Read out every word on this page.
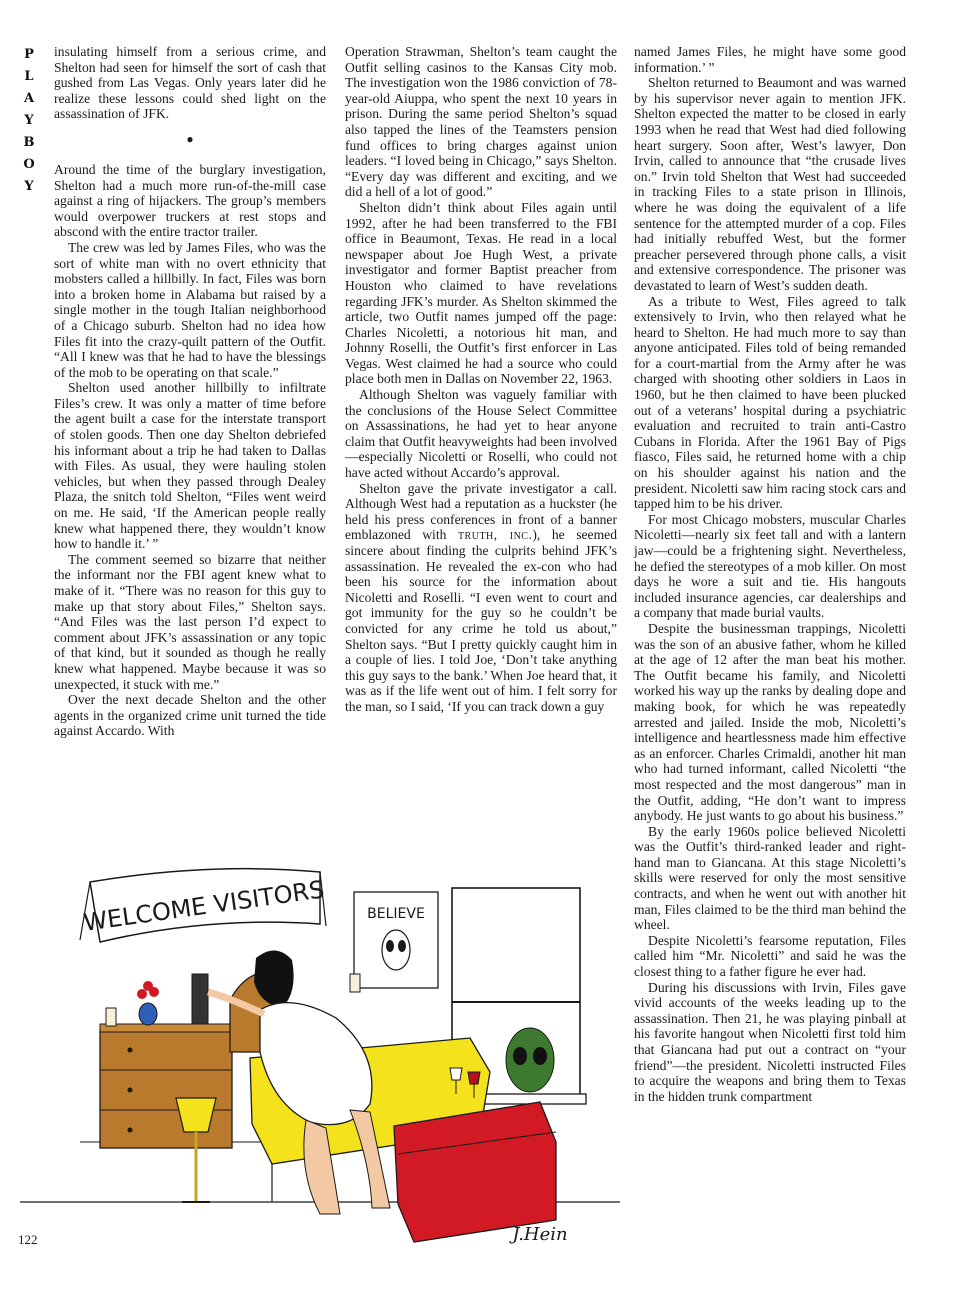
P
L
A
Y
B
O
Y

insulating himself from a serious crime, and Shelton had seen for himself the sort of cash that gushed from Las Vegas. Only years later did he realize these lessons could shed light on the assassination of JFK.

●

Around the time of the burglary investigation, Shelton had a much more run-of-the-mill case against a ring of hijackers. The group’s members would overpower truckers at rest stops and abscond with the entire tractor trailer.

The crew was led by James Files, who was the sort of white man with no overt ethnicity that mobsters called a hillbilly. In fact, Files was born into a broken home in Alabama but raised by a single mother in the tough Italian neighborhood of a Chicago suburb. Shelton had no idea how Files fit into the crazy-quilt pattern of the Outfit. “All I knew was that he had to have the blessings of the mob to be operating on that scale.”

Shelton used another hillbilly to infiltrate Files’s crew. It was only a matter of time before the agent built a case for the interstate transport of stolen goods. Then one day Shelton debriefed his informant about a trip he had taken to Dallas with Files. As usual, they were hauling stolen vehicles, but when they passed through Dealey Plaza, the snitch told Shelton, “Files went weird on me. He said, ‘If the American people really knew what happened there, they wouldn’t know how to handle it.’ ”

The comment seemed so bizarre that neither the informant nor the FBI agent knew what to make of it. “There was no reason for this guy to make up that story about Files,” Shelton says. “And Files was the last person I’d expect to comment about JFK’s assassination or any topic of that kind, but it sounded as though he really knew what happened. Maybe because it was so unexpected, it stuck with me.”

Over the next decade Shelton and the other agents in the organized crime unit turned the tide against Accardo. With

Operation Strawman, Shelton’s team caught the Outfit selling casinos to the Kansas City mob. The investigation won the 1986 conviction of 78-year-old Aiuppa, who spent the next 10 years in prison. During the same period Shelton’s squad also tapped the lines of the Teamsters pension fund offices to bring charges against union leaders. “I loved being in Chicago,” says Shelton. “Every day was different and exciting, and we did a hell of a lot of good.”

Shelton didn’t think about Files again until 1992, after he had been transferred to the FBI office in Beaumont, Texas. He read in a local newspaper about Joe Hugh West, a private investigator and former Baptist preacher from Houston who claimed to have revelations regarding JFK’s murder. As Shelton skimmed the article, two Outfit names jumped off the page: Charles Nicoletti, a notorious hit man, and Johnny Roselli, the Outfit’s first enforcer in Las Vegas. West claimed he had a source who could place both men in Dallas on November 22, 1963.

Although Shelton was vaguely familiar with the conclusions of the House Select Committee on Assassinations, he had yet to hear anyone claim that Outfit heavyweights had been involved—especially Nicoletti or Roselli, who could not have acted without Accardo’s approval.

Shelton gave the private investigator a call. Although West had a reputation as a huckster (he held his press conferences in front of a banner emblazoned with truth, inc.), he seemed sincere about finding the culprits behind JFK’s assassination. He revealed the ex-con who had been his source for the information about Nicoletti and Roselli. “I even went to court and got immunity for the guy so he couldn’t be convicted for any crime he told us about,” Shelton says. “But I pretty quickly caught him in a couple of lies. I told Joe, ‘Don’t take anything this guy says to the bank.’ When Joe heard that, it was as if the life went out of him. I felt sorry for the man, so I said, ‘If you can track down a guy

named James Files, he might have some good information.’ ”

Shelton returned to Beaumont and was warned by his supervisor never again to mention JFK. Shelton expected the matter to be closed in early 1993 when he read that West had died following heart surgery. Soon after, West’s lawyer, Don Irvin, called to announce that “the crusade lives on.” Irvin told Shelton that West had succeeded in tracking Files to a state prison in Illinois, where he was doing the equivalent of a life sentence for the attempted murder of a cop. Files had initially rebuffed West, but the former preacher persevered through phone calls, a visit and extensive correspondence. The prisoner was devastated to learn of West’s sudden death.

As a tribute to West, Files agreed to talk extensively to Irvin, who then relayed what he heard to Shelton. He had much more to say than anyone anticipated. Files told of being remanded for a court-martial from the Army after he was charged with shooting other soldiers in Laos in 1960, but he then claimed to have been plucked out of a veterans’ hospital during a psychiatric evaluation and recruited to train anti-Castro Cubans in Florida. After the 1961 Bay of Pigs fiasco, Files said, he returned home with a chip on his shoulder against his nation and the president. Nicoletti saw him racing stock cars and tapped him to be his driver.

For most Chicago mobsters, muscular Charles Nicoletti—nearly six feet tall and with a lantern jaw—could be a frightening sight. Nevertheless, he defied the stereotypes of a mob killer. On most days he wore a suit and tie. His hangouts included insurance agencies, car dealerships and a company that made burial vaults.

Despite the businessman trappings, Nicoletti was the son of an abusive father, whom he killed at the age of 12 after the man beat his mother. The Outfit became his family, and Nicoletti worked his way up the ranks by dealing dope and making book, for which he was repeatedly arrested and jailed. Inside the mob, Nicoletti’s intelligence and heartlessness made him effective as an enforcer. Charles Crimaldi, another hit man who had turned informant, called Nicoletti “the most respected and the most dangerous” man in the Outfit, adding, “He don’t want to impress anybody. He just wants to go about his business.”

By the early 1960s police believed Nicoletti was the Outfit’s third-ranked leader and right-hand man to Giancana. At this stage Nicoletti’s skills were reserved for only the most sensitive contracts, and when he went out with another hit man, Files claimed to be the third man behind the wheel.

Despite Nicoletti’s fearsome reputation, Files called him “Mr. Nicoletti” and said he was the closest thing to a father figure he ever had.

During his discussions with Irvin, Files gave vivid accounts of the weeks leading up to the assassination. Then 21, he was playing pinball at his favorite hangout when Nicoletti first told him that Giancana had put out a contract on “your friend”—the president. Nicoletti instructed Files to acquire the weapons and bring them to Texas in the hidden trunk compartment

WELCOME VISITORS	BELIEVE
J.Hein
122
